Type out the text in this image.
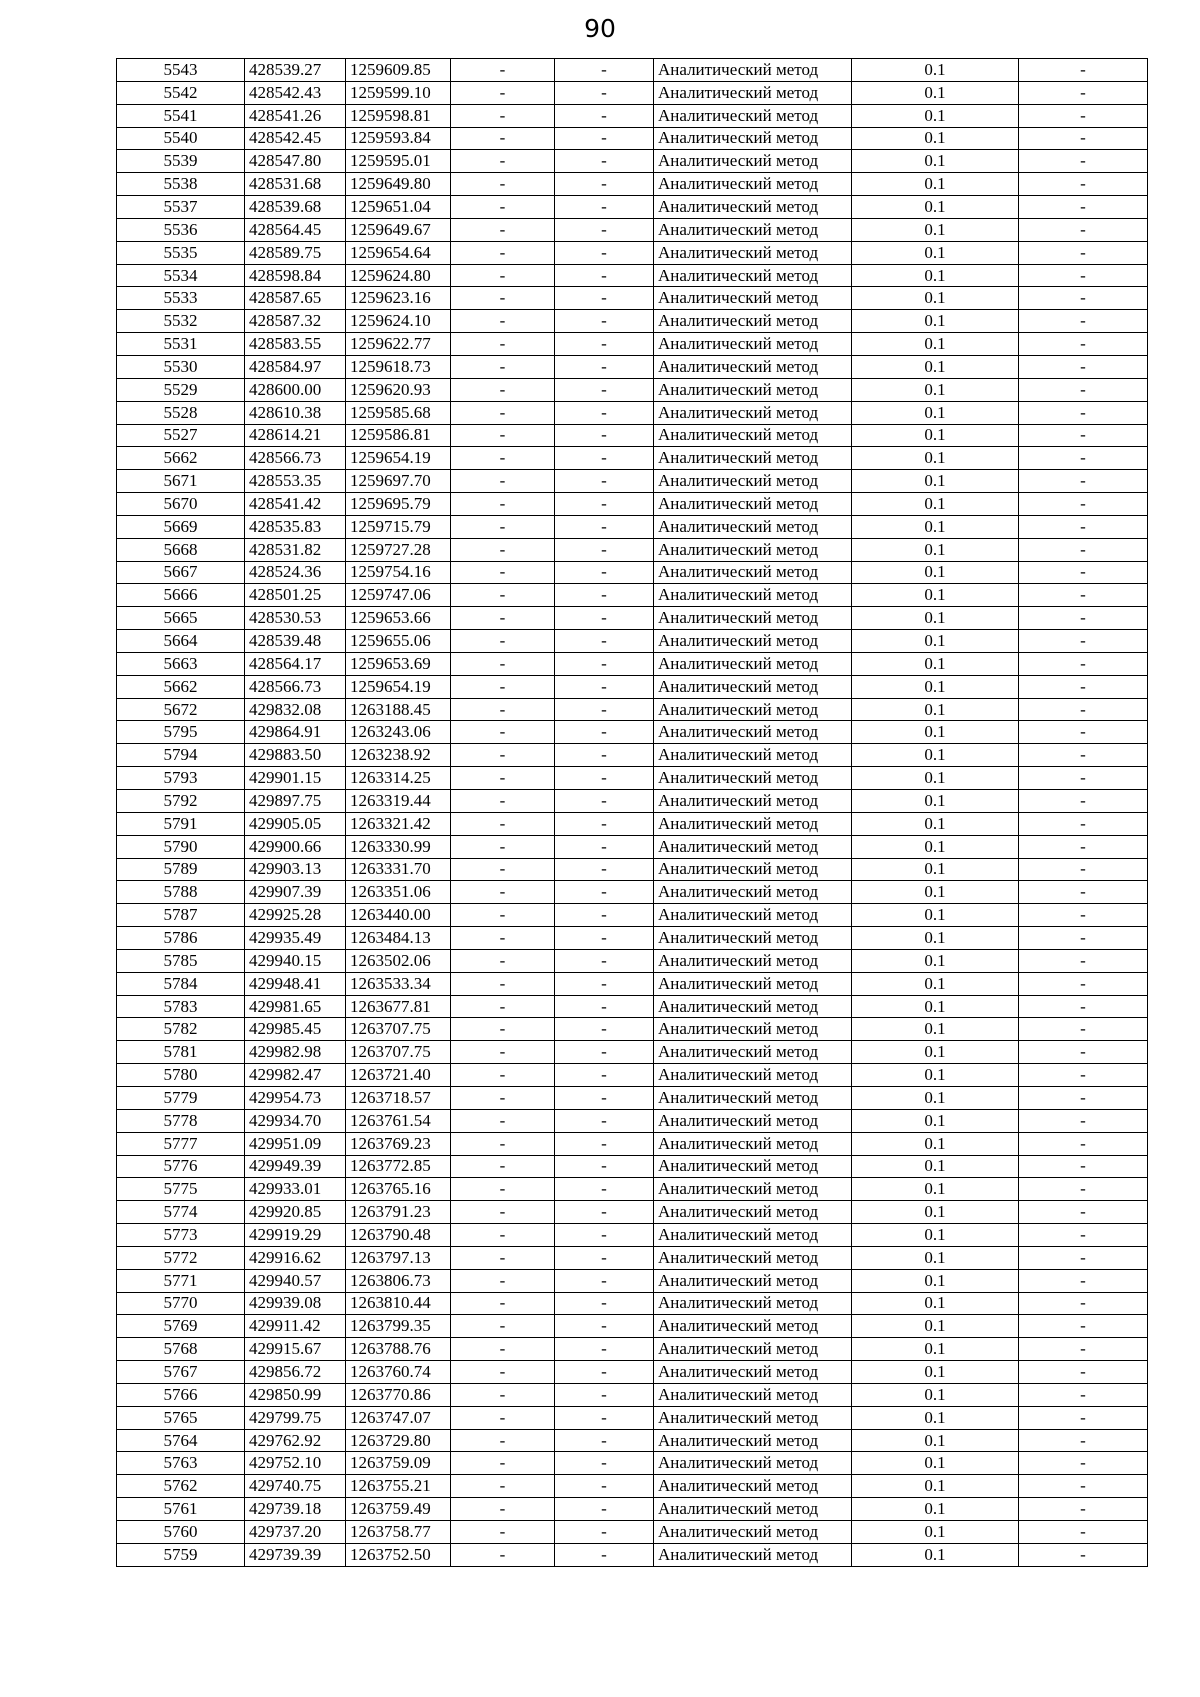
90
5543	428539.27	1259609.85	-	-	Аналитический метод	0.1	-
5542	428542.43	1259599.10	-	-	Аналитический метод	0.1	-
5541	428541.26	1259598.81	-	-	Аналитический метод	0.1	-
5540	428542.45	1259593.84	-	-	Аналитический метод	0.1	-
5539	428547.80	1259595.01	-	-	Аналитический метод	0.1	-
5538	428531.68	1259649.80	-	-	Аналитический метод	0.1	-
5537	428539.68	1259651.04	-	-	Аналитический метод	0.1	-
5536	428564.45	1259649.67	-	-	Аналитический метод	0.1	-
5535	428589.75	1259654.64	-	-	Аналитический метод	0.1	-
5534	428598.84	1259624.80	-	-	Аналитический метод	0.1	-
5533	428587.65	1259623.16	-	-	Аналитический метод	0.1	-
5532	428587.32	1259624.10	-	-	Аналитический метод	0.1	-
5531	428583.55	1259622.77	-	-	Аналитический метод	0.1	-
5530	428584.97	1259618.73	-	-	Аналитический метод	0.1	-
5529	428600.00	1259620.93	-	-	Аналитический метод	0.1	-
5528	428610.38	1259585.68	-	-	Аналитический метод	0.1	-
5527	428614.21	1259586.81	-	-	Аналитический метод	0.1	-
5662	428566.73	1259654.19	-	-	Аналитический метод	0.1	-
5671	428553.35	1259697.70	-	-	Аналитический метод	0.1	-
5670	428541.42	1259695.79	-	-	Аналитический метод	0.1	-
5669	428535.83	1259715.79	-	-	Аналитический метод	0.1	-
5668	428531.82	1259727.28	-	-	Аналитический метод	0.1	-
5667	428524.36	1259754.16	-	-	Аналитический метод	0.1	-
5666	428501.25	1259747.06	-	-	Аналитический метод	0.1	-
5665	428530.53	1259653.66	-	-	Аналитический метод	0.1	-
5664	428539.48	1259655.06	-	-	Аналитический метод	0.1	-
5663	428564.17	1259653.69	-	-	Аналитический метод	0.1	-
5662	428566.73	1259654.19	-	-	Аналитический метод	0.1	-
5672	429832.08	1263188.45	-	-	Аналитический метод	0.1	-
5795	429864.91	1263243.06	-	-	Аналитический метод	0.1	-
5794	429883.50	1263238.92	-	-	Аналитический метод	0.1	-
5793	429901.15	1263314.25	-	-	Аналитический метод	0.1	-
5792	429897.75	1263319.44	-	-	Аналитический метод	0.1	-
5791	429905.05	1263321.42	-	-	Аналитический метод	0.1	-
5790	429900.66	1263330.99	-	-	Аналитический метод	0.1	-
5789	429903.13	1263331.70	-	-	Аналитический метод	0.1	-
5788	429907.39	1263351.06	-	-	Аналитический метод	0.1	-
5787	429925.28	1263440.00	-	-	Аналитический метод	0.1	-
5786	429935.49	1263484.13	-	-	Аналитический метод	0.1	-
5785	429940.15	1263502.06	-	-	Аналитический метод	0.1	-
5784	429948.41	1263533.34	-	-	Аналитический метод	0.1	-
5783	429981.65	1263677.81	-	-	Аналитический метод	0.1	-
5782	429985.45	1263707.75	-	-	Аналитический метод	0.1	-
5781	429982.98	1263707.75	-	-	Аналитический метод	0.1	-
5780	429982.47	1263721.40	-	-	Аналитический метод	0.1	-
5779	429954.73	1263718.57	-	-	Аналитический метод	0.1	-
5778	429934.70	1263761.54	-	-	Аналитический метод	0.1	-
5777	429951.09	1263769.23	-	-	Аналитический метод	0.1	-
5776	429949.39	1263772.85	-	-	Аналитический метод	0.1	-
5775	429933.01	1263765.16	-	-	Аналитический метод	0.1	-
5774	429920.85	1263791.23	-	-	Аналитический метод	0.1	-
5773	429919.29	1263790.48	-	-	Аналитический метод	0.1	-
5772	429916.62	1263797.13	-	-	Аналитический метод	0.1	-
5771	429940.57	1263806.73	-	-	Аналитический метод	0.1	-
5770	429939.08	1263810.44	-	-	Аналитический метод	0.1	-
5769	429911.42	1263799.35	-	-	Аналитический метод	0.1	-
5768	429915.67	1263788.76	-	-	Аналитический метод	0.1	-
5767	429856.72	1263760.74	-	-	Аналитический метод	0.1	-
5766	429850.99	1263770.86	-	-	Аналитический метод	0.1	-
5765	429799.75	1263747.07	-	-	Аналитический метод	0.1	-
5764	429762.92	1263729.80	-	-	Аналитический метод	0.1	-
5763	429752.10	1263759.09	-	-	Аналитический метод	0.1	-
5762	429740.75	1263755.21	-	-	Аналитический метод	0.1	-
5761	429739.18	1263759.49	-	-	Аналитический метод	0.1	-
5760	429737.20	1263758.77	-	-	Аналитический метод	0.1	-
5759	429739.39	1263752.50	-	-	Аналитический метод	0.1	-
